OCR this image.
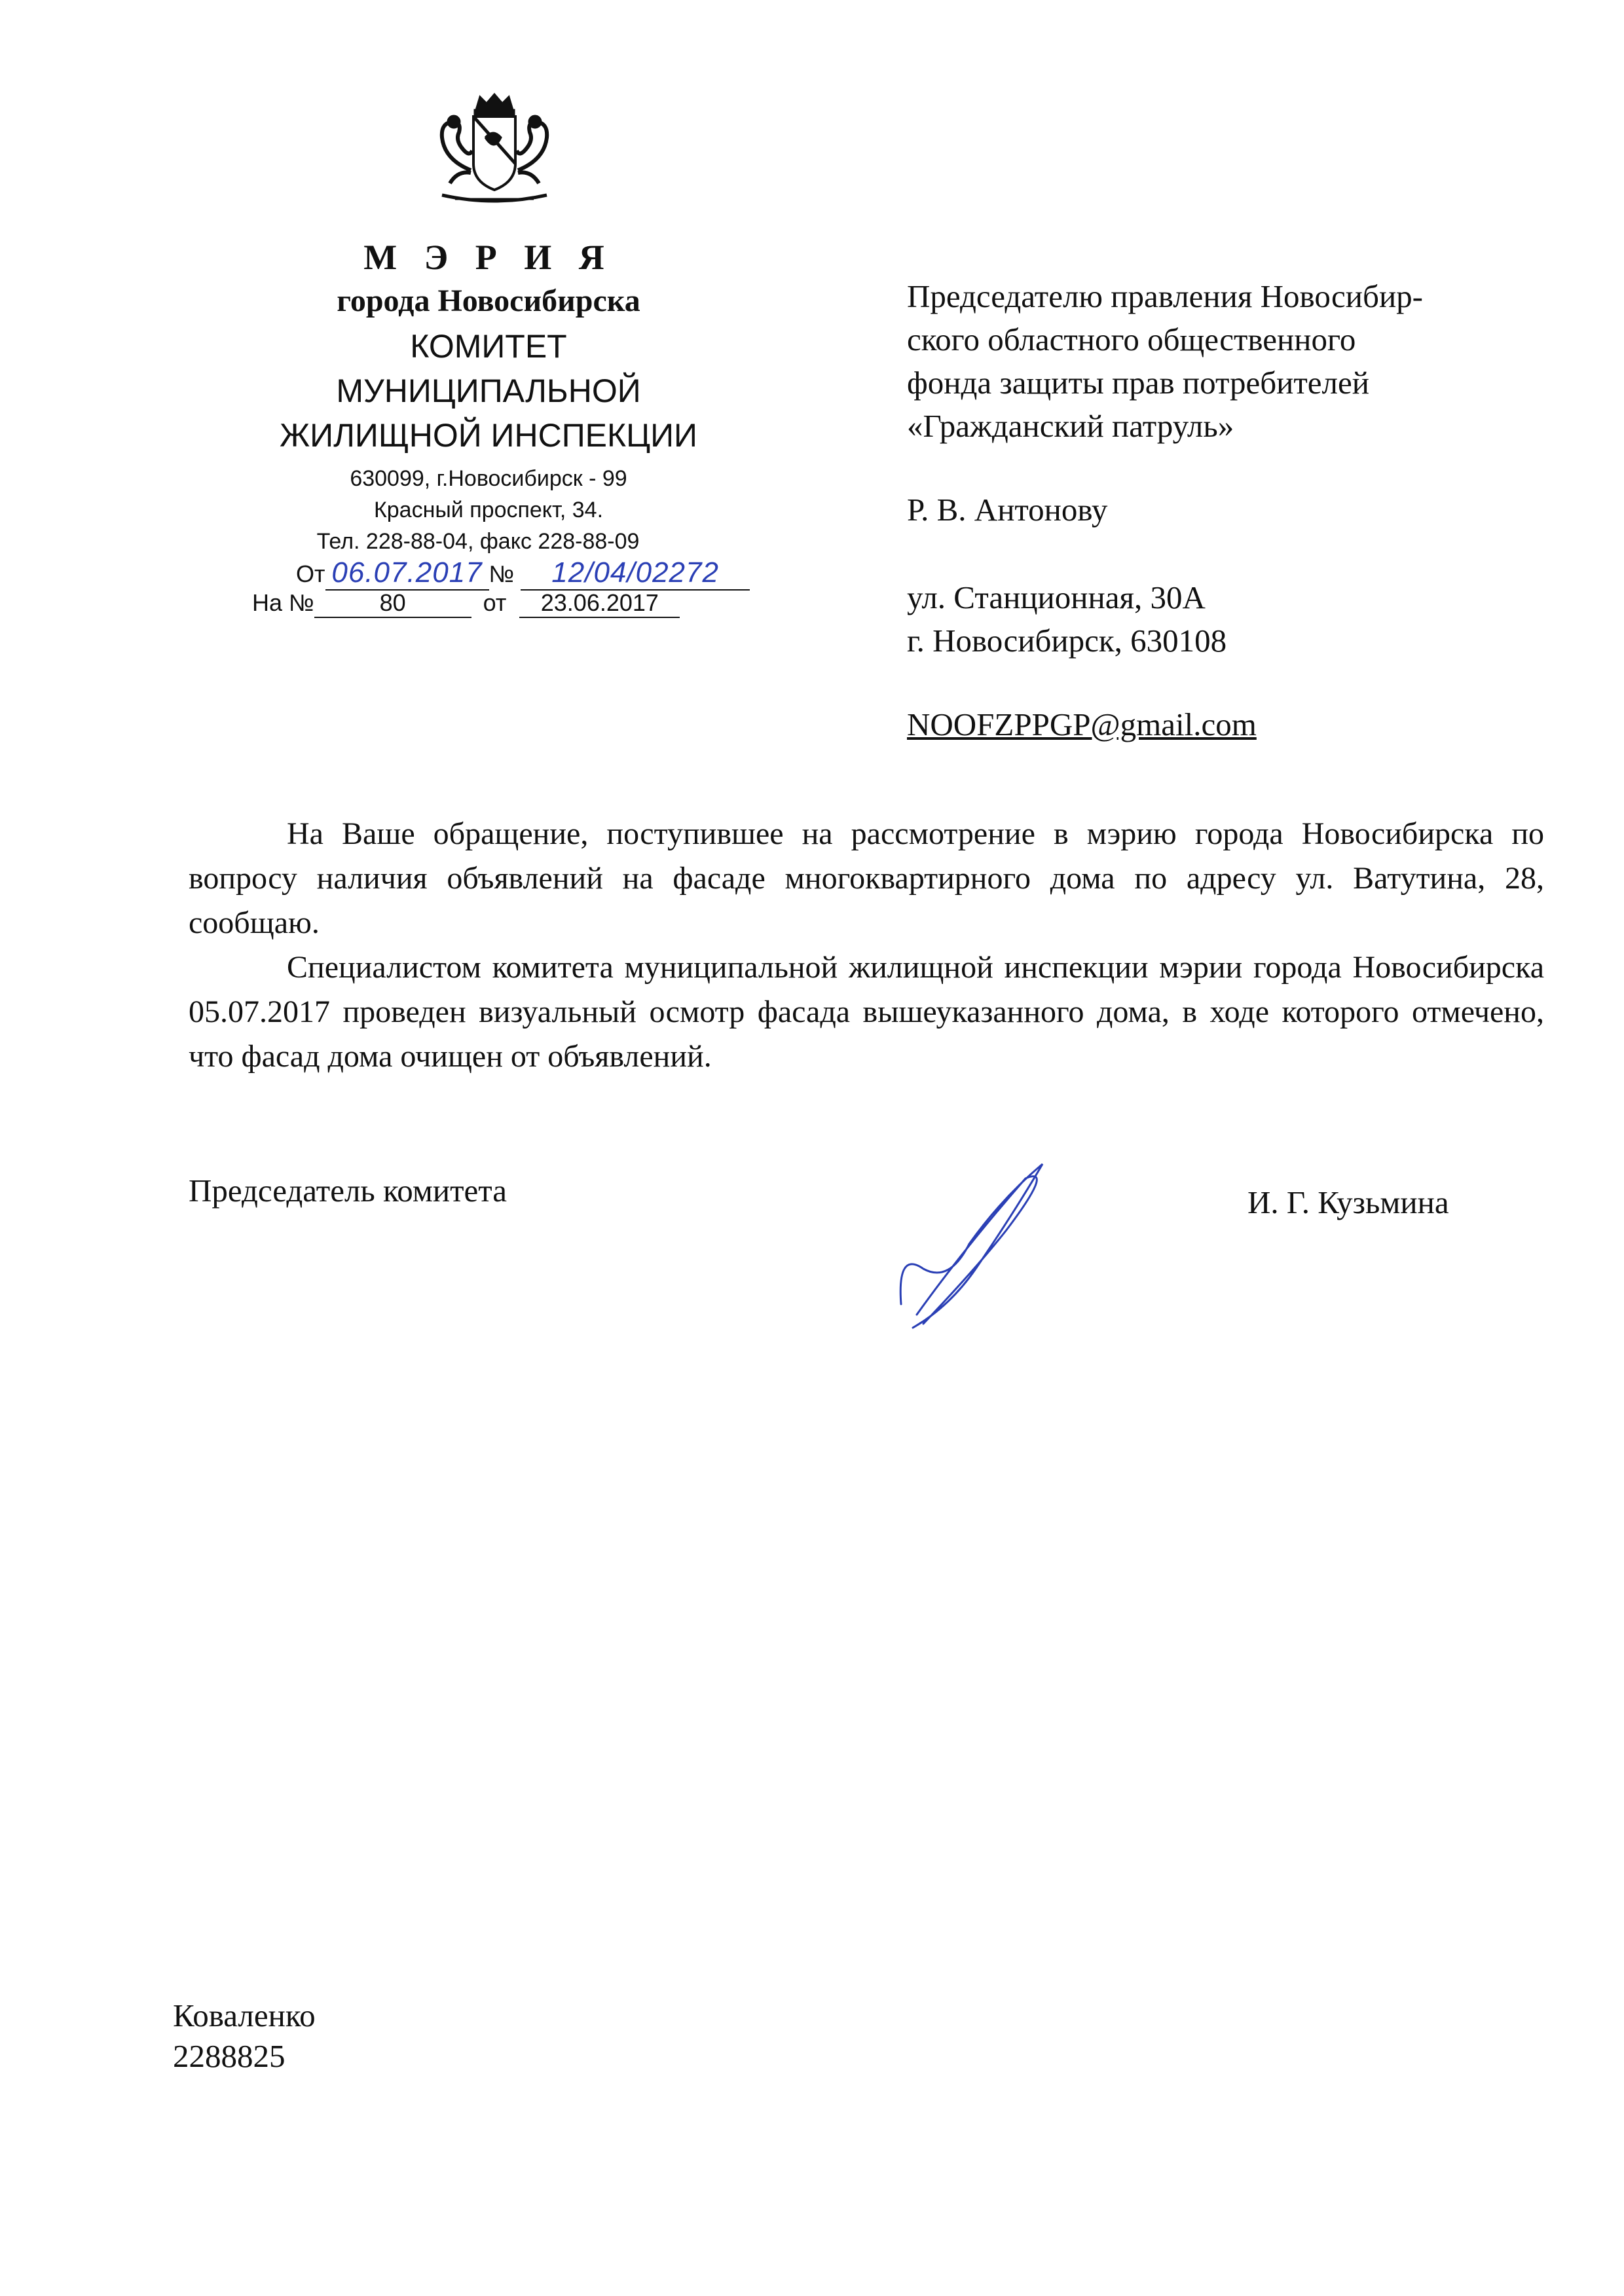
М Э Р И Я
города Новосибирска
КОМИТЕТ
МУНИЦИПАЛЬНОЙ
ЖИЛИЩНОЙ ИНСПЕКЦИИ
630099, г.Новосибирск - 99
Красный проспект, 34.
Тел. 228-88-04, факс 228-88-09
От 06.07.2017 № 12/04/02272
На №	80	от 23.06.2017
Председателю правления Новосибир-
ского областного общественного
фонда защиты прав потребителей
«Гражданский патруль»
Р. В. Антонову
ул. Станционная, 30А
г. Новосибирск, 630108
NOOFZPPGP@gmail.com

На Ваше обращение, поступившее на рассмотрение в мэрию города Новосибирска по вопросу наличия объявлений на фасаде многоквартирного дома по адресу ул. Ватутина, 28, сообщаю.

Специалистом комитета муниципальной жилищной инспекции мэрии города Новосибирска 05.07.2017 проведен визуальный осмотр фасада вышеуказанного дома, в ходе которого отмечено, что фасад дома очищен от объявлений.

Председатель комитета	И. Г. Кузьмина
Коваленко
2288825
